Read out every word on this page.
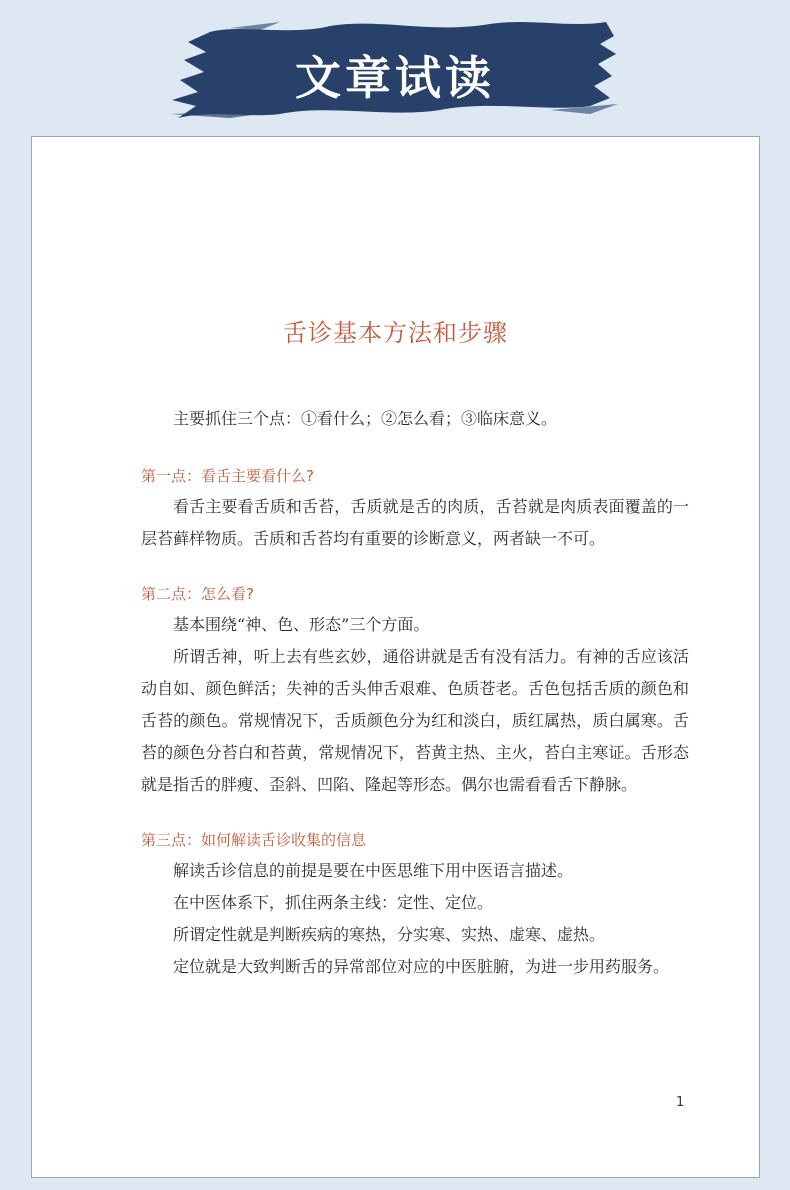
文章试读
舌诊基本方法和步骤

主要抓住三个点：①看什么；②怎么看；③临床意义。

第一点：看舌主要看什么?

看舌主要看舌质和舌苔，舌质就是舌的肉质，舌苔就是肉质表面覆盖的一层苔藓样物质。舌质和舌苔均有重要的诊断意义，两者缺一不可。

第二点：怎么看?

基本围绕“神、色、形态”三个方面。

所谓舌神，听上去有些玄妙，通俗讲就是舌有没有活力。有神的舌应该活动自如、颜色鲜活；失神的舌头伸舌艰难、色质苍老。舌色包括舌质的颜色和舌苔的颜色。常规情况下，舌质颜色分为红和淡白，质红属热，质白属寒。舌苔的颜色分苔白和苔黄，常规情况下，苔黄主热、主火，苔白主寒证。舌形态就是指舌的胖瘦、歪斜、凹陷、隆起等形态。偶尔也需看看舌下静脉。

第三点：如何解读舌诊收集的信息

解读舌诊信息的前提是要在中医思维下用中医语言描述。

在中医体系下，抓住两条主线：定性、定位。

所谓定性就是判断疾病的寒热，分实寒、实热、虚寒、虚热。

定位就是大致判断舌的异常部位对应的中医脏腑，为进一步用药服务。

1
